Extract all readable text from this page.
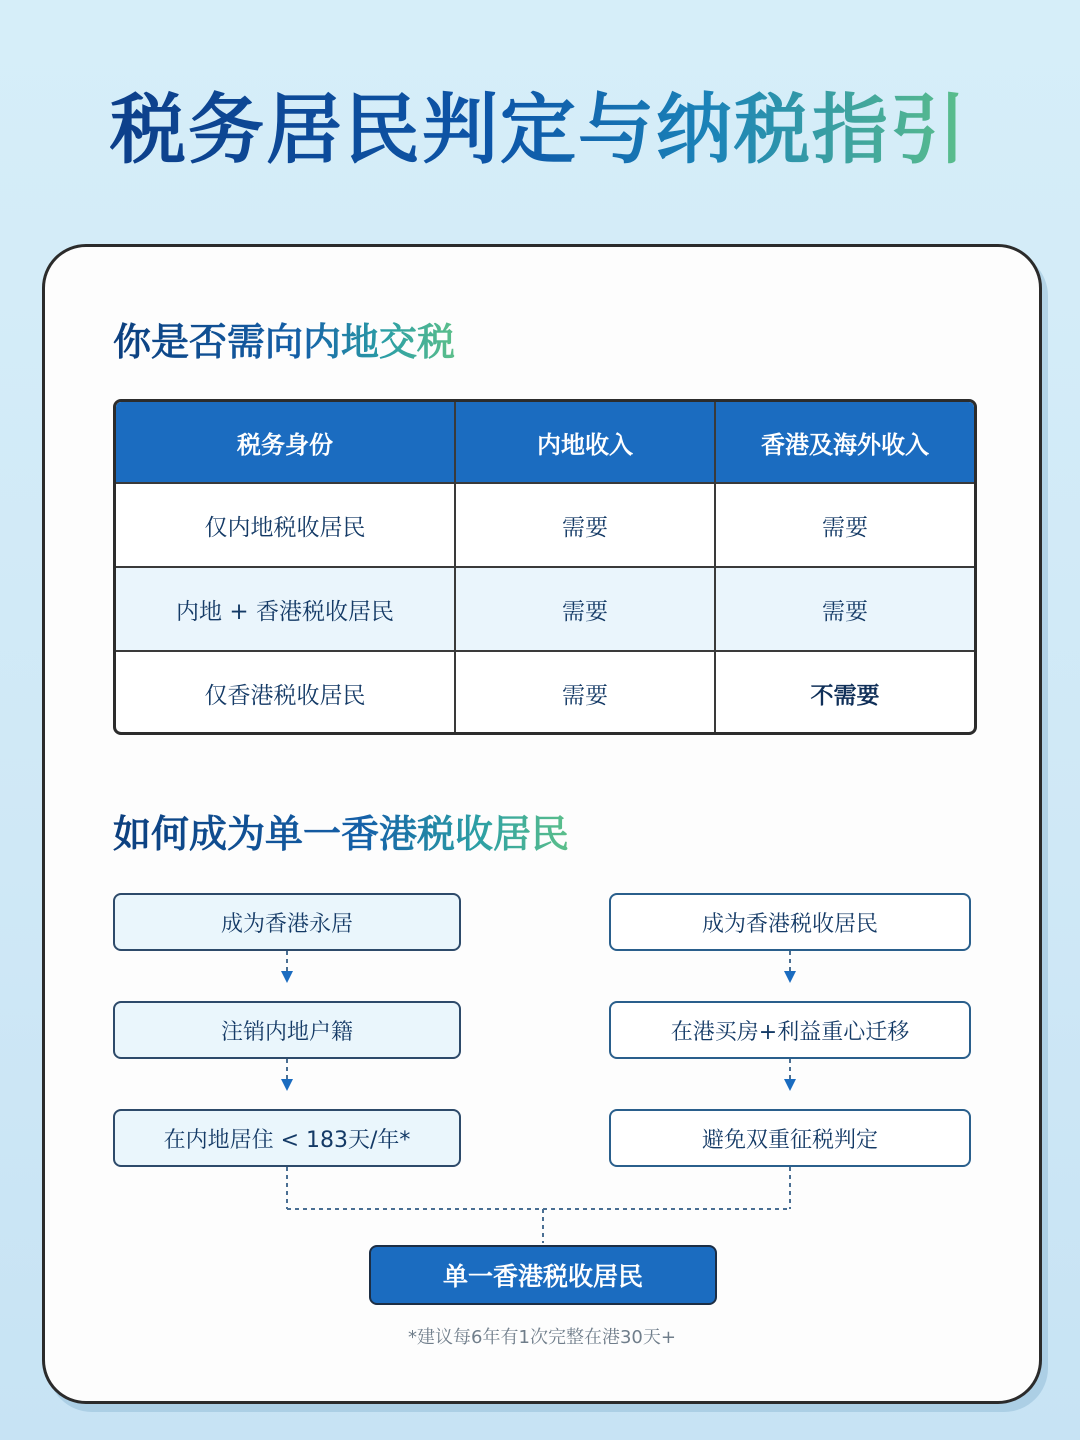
税务居民判定与纳税指引
你是否需向内地交税
税务身份	内地收入	香港及海外收入
仅内地税收居民	需要	需要
内地 + 香港税收居民	需要	需要
仅香港税收居民	需要	不需要
如何成为单一香港税收居民
成为香港永居
注销内地户籍
在内地居住 < 183天/年*
成为香港税收居民
在港买房+利益重心迁移
避免双重征税判定
单一香港税收居民
*建议每6年有1次完整在港30天+
